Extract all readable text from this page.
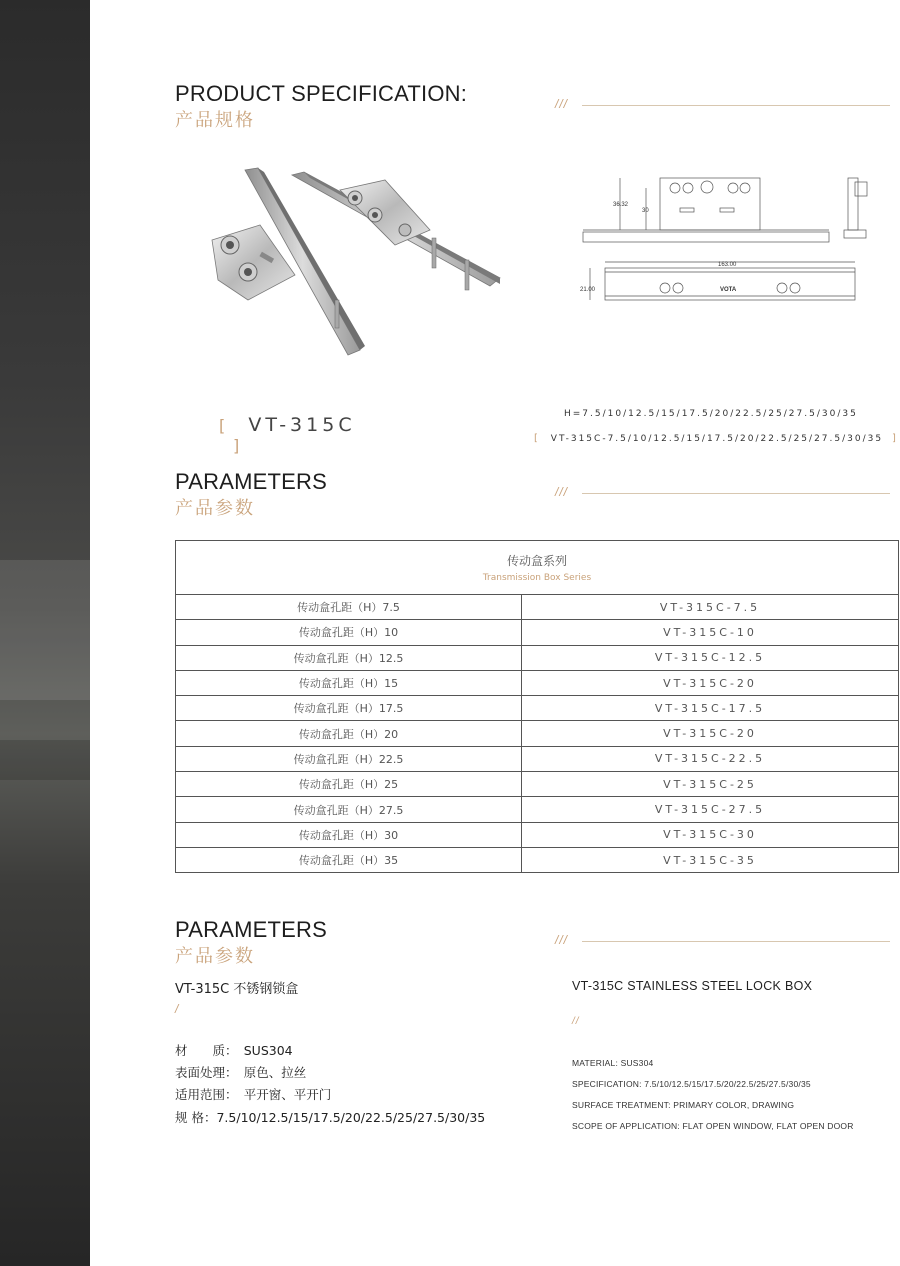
PRODUCT SPECIFICATION:
产品规格
///
36.32
30
163.00
21.00	VOTA
[ VT-315C ]
H=7.5/10/12.5/15/17.5/20/22.5/25/27.5/30/35
[ VT-315C-7.5/10/12.5/15/17.5/20/22.5/25/27.5/30/35 ]
PARAMETERS
产品参数
///
传动盒系列
Transmission Box Series	

传动盒孔距（H）7.5	VT-315C-7.5
传动盒孔距（H）10	VT-315C-10
传动盒孔距（H）12.5	VT-315C-12.5
传动盒孔距（H）15	VT-315C-20
传动盒孔距（H）17.5	VT-315C-17.5
传动盒孔距（H）20	VT-315C-20
传动盒孔距（H）22.5	VT-315C-22.5
传动盒孔距（H）25	VT-315C-25
传动盒孔距（H）27.5	VT-315C-27.5
传动盒孔距（H）30	VT-315C-30
传动盒孔距（H）35	VT-315C-35
PARAMETERS
产品参数
///
VT-315C 不锈钢锁盒
/
材　　质：　SUS304
表面处理：　原色、拉丝
适用范围：　平开窗、平开门
规 格：7.5/10/12.5/15/17.5/20/22.5/25/27.5/30/35
VT-315C STAINLESS STEEL LOCK BOX
//
MATERIAL: SUS304
SPECIFICATION: 7.5/10/12.5/15/17.5/20/22.5/25/27.5/30/35
SURFACE TREATMENT: PRIMARY COLOR, DRAWING
SCOPE OF APPLICATION: FLAT OPEN WINDOW, FLAT OPEN DOOR
